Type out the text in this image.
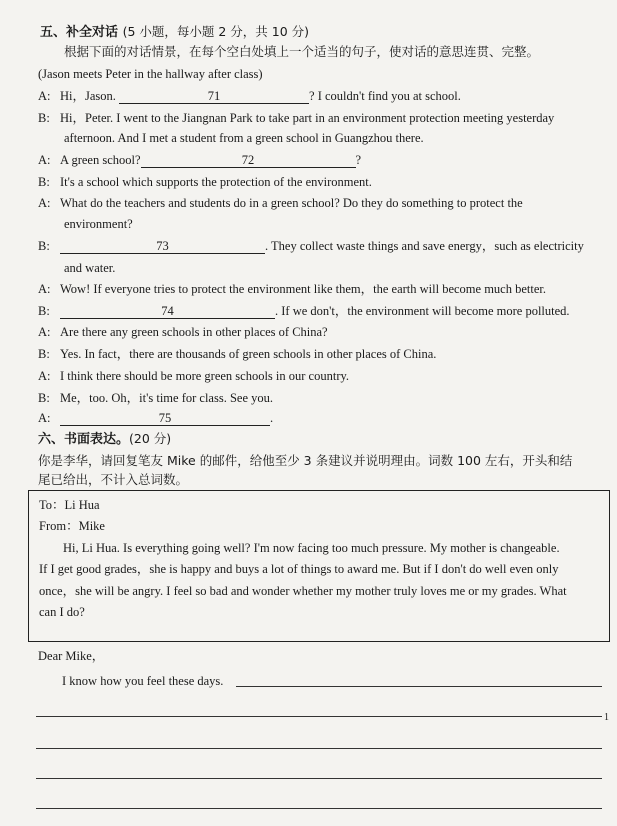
五、补全对话 (5 小题，每小题 2 分，共 10 分)
根据下面的对话情景，在每个空白处填上一个适当的句子，使对话的意思连贯、完整。
(Jason meets Peter in the hallway after class)
A: Hi，Jason.	71	? I couldn't find you at school.
B: Hi，Peter. I went to the Jiangnan Park to take part in an environment protection meeting yesterday
afternoon. And I met a student from a green school in Guangzhou there.
A: A green school?	72	?
B: It's a school which supports the protection of the environment.
A: What do the teachers and students do in a green school? Do they do something to protect the
environment?
B:	73	. They collect waste things and save energy，such as electricity
and water.
A: Wow! If everyone tries to protect the environment like them，the earth will become much better.
B:	74	. If we don't，the environment will become more polluted.
A: Are there any green schools in other places of China?
B: Yes. In fact，there are thousands of green schools in other places of China.
A: I think there should be more green schools in our country.
B: Me，too. Oh，it's time for class. See you.
A:	75	.
六、书面表达。(20 分)
你是李华，请回复笔友 Mike 的邮件，给他至少 3 条建议并说明理由。词数 100 左右，开头和结
尾已给出，不计入总词数。
To：Li Hua
From：Mike
Hi, Li Hua. Is everything going well? I'm now facing too much pressure. My mother is changeable.
If I get good grades，she is happy and buys a lot of things to award me. But if I don't do well even only
once，she will be angry. I feel so bad and wonder whether my mother truly loves me or my grades. What
can I do?
Dear Mike，
I know how you feel these days.
1
